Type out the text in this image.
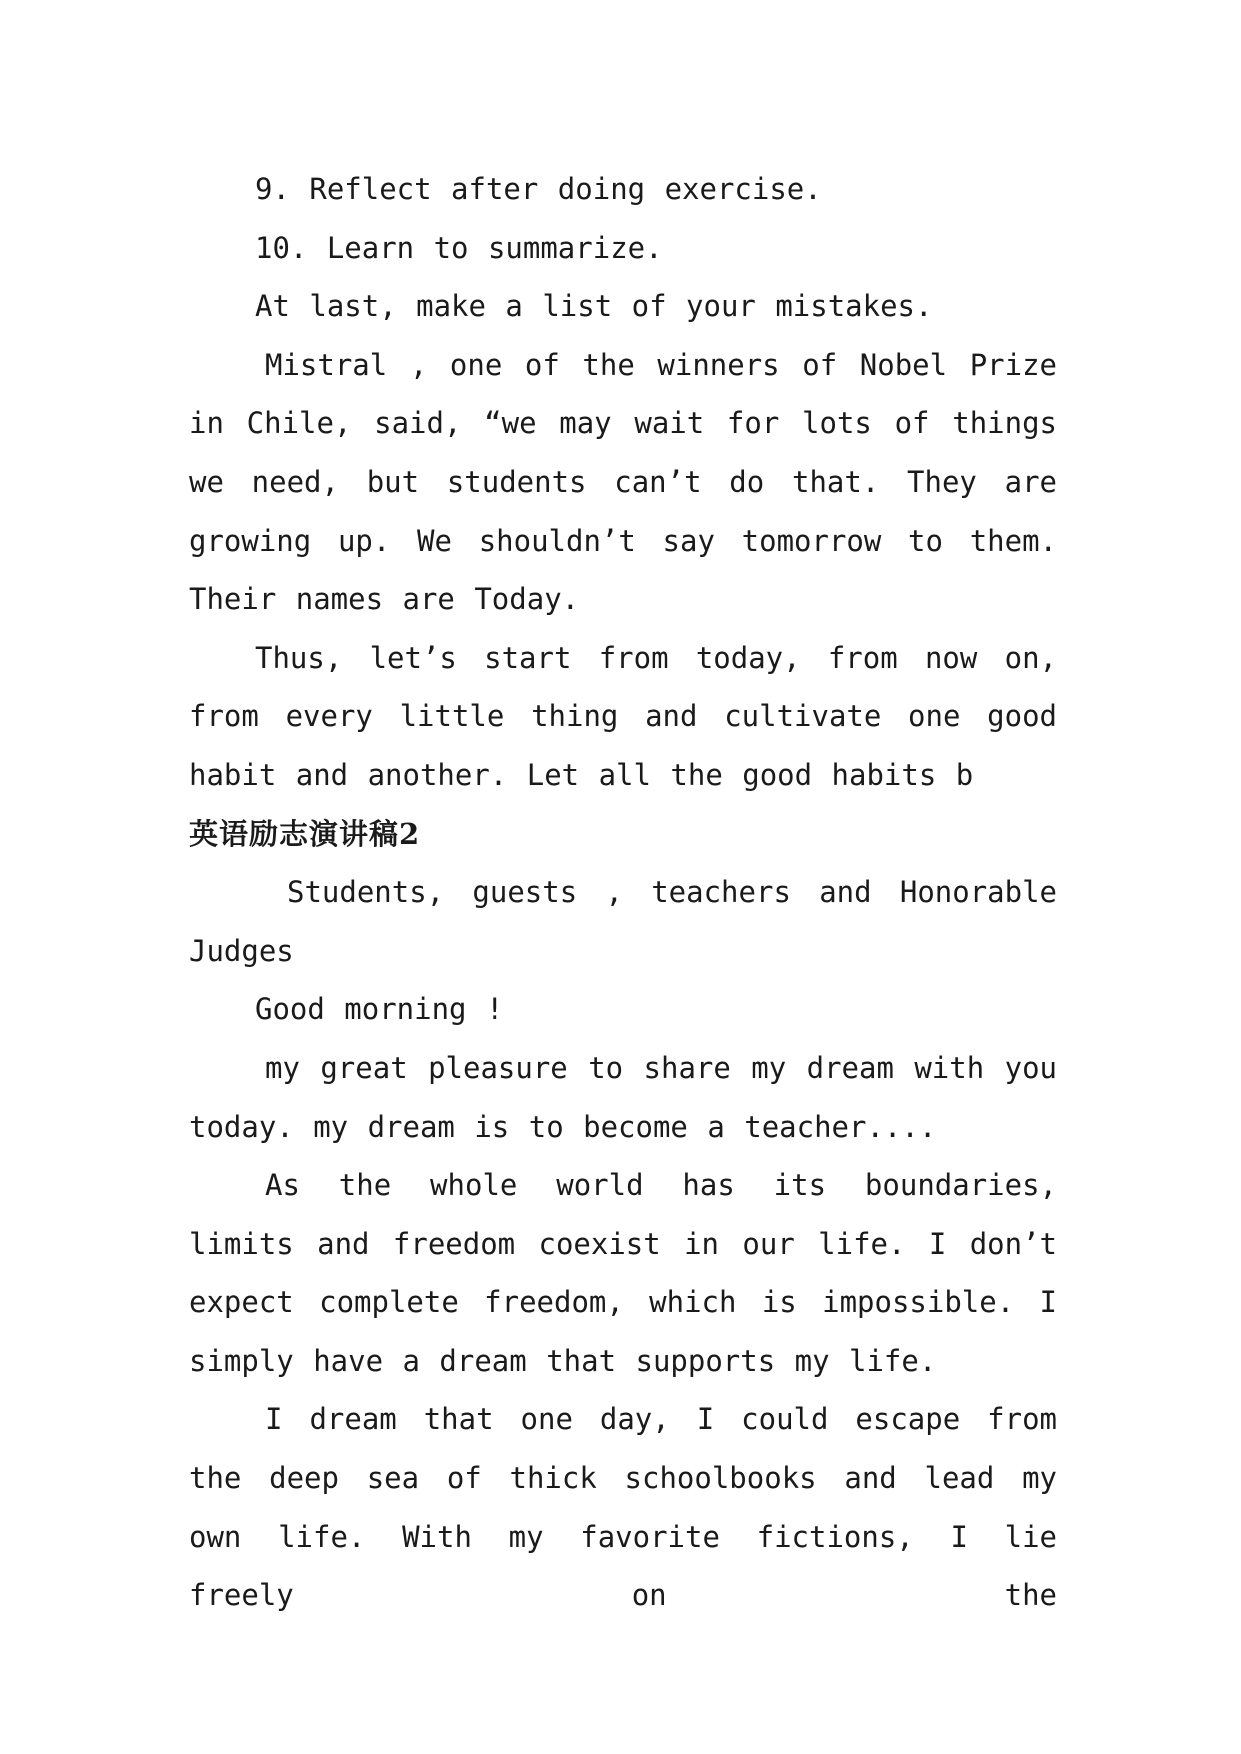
9. Reflect after doing exercise.

10. Learn to summarize.

At last, make a list of your mistakes.

Mistral , one of the winners of Nobel Prize in Chile, said, “we may wait for lots of things we need, but students can’t do that. They are growing up. We shouldn’t say tomorrow to them. Their names are Today.

Thus, let’s start from today, from now on, from every little thing and cultivate one good habit and another. Let all the good habits b

英语励志演讲稿2

Students, guests , teachers and Honorable Judges

Good morning !

my great pleasure to share my dream with you today. my dream is to become a teacher....

As the whole world has its boundaries, limits and freedom coexist in our life. I don’t expect complete freedom, which is impossible. I simply have a dream that supports my life.

I dream that one day, I could escape from the deep sea of thick schoolbooks and lead my own life. With my favorite fictions, I lie freely on the
